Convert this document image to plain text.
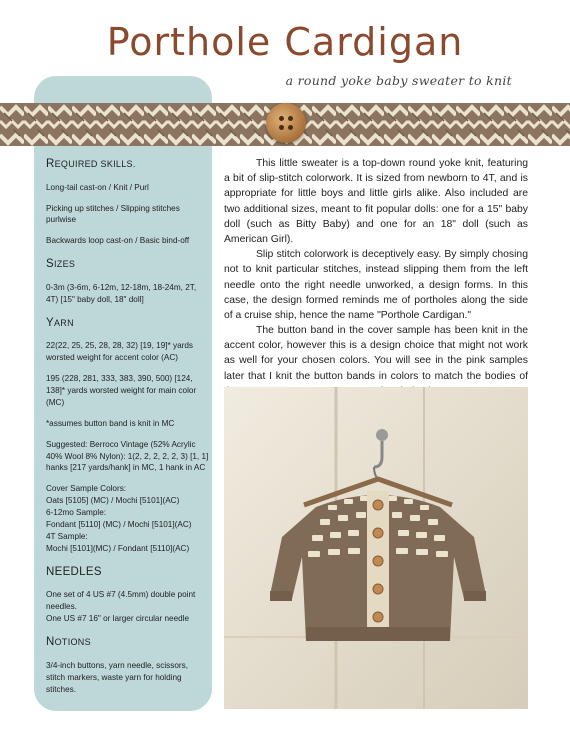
Porthole Cardigan
a round yoke baby sweater to knit
REQUIRED SKILLS.
Long-tail cast-on / Knit / Purl
Picking up stitches / Slipping stitches purlwise
Backwards loop cast-on / Basic bind-off
SIZES
0-3m (3-6m, 6-12m, 12-18m, 18-24m, 2T, 4T) [15" baby doll, 18" doll]
YARN
22(22, 25, 25, 28, 28, 32) [19, 19]* yards worsted weight for accent color (AC)
195 (228, 281, 333, 383, 390, 500) [124, 138]* yards worsted weight for main color (MC)
*assumes button band is knit in MC
Suggested: Berroco Vintage (52% Acrylic 40% Wool 8% Nylon): 1(2, 2, 2, 2, 2, 3) [1, 1] hanks [217 yards/hank] in MC, 1 hank in AC
Cover Sample Colors:
Oats [5105] (MC) / Mochi [5101](AC)
6-12mo Sample:
Fondant [5110] (MC) / Mochi [5101](AC)
4T Sample:
Mochi [5101](MC) / Fondant [5110](AC)
NEEDLES
One set of 4 US #7 (4.5mm) double point needles.
One US #7 16" or larger circular needle
NOTIONS
3/4-inch buttons, yarn needle, scissors, stitch markers, waste yarn for holding stitches.

This little sweater is a top-down round yoke knit, featuring a bit of slip-stitch colorwork. It is sized from newborn to 4T, and is appropriate for little boys and little girls alike. Also included are two additional sizes, meant to fit popular dolls: one for a 15" baby doll (such as Bitty Baby) and one for an 18" doll (such as American Girl).

Slip stitch colorwork is deceptively easy. By simply chosing not to knit particular stitches, instead slipping them from the left needle onto the right needle unworked, a design forms. In this case, the design formed reminds me of portholes along the side of a cruise ship, hence the name "Porthole Cardigan."

The button band in the cover sample has been knit in the accent color, however this is a design choice that might not work as well for your chosen colors. You will see in the pink samples later that I knit the button bands in colors to match the bodies of
